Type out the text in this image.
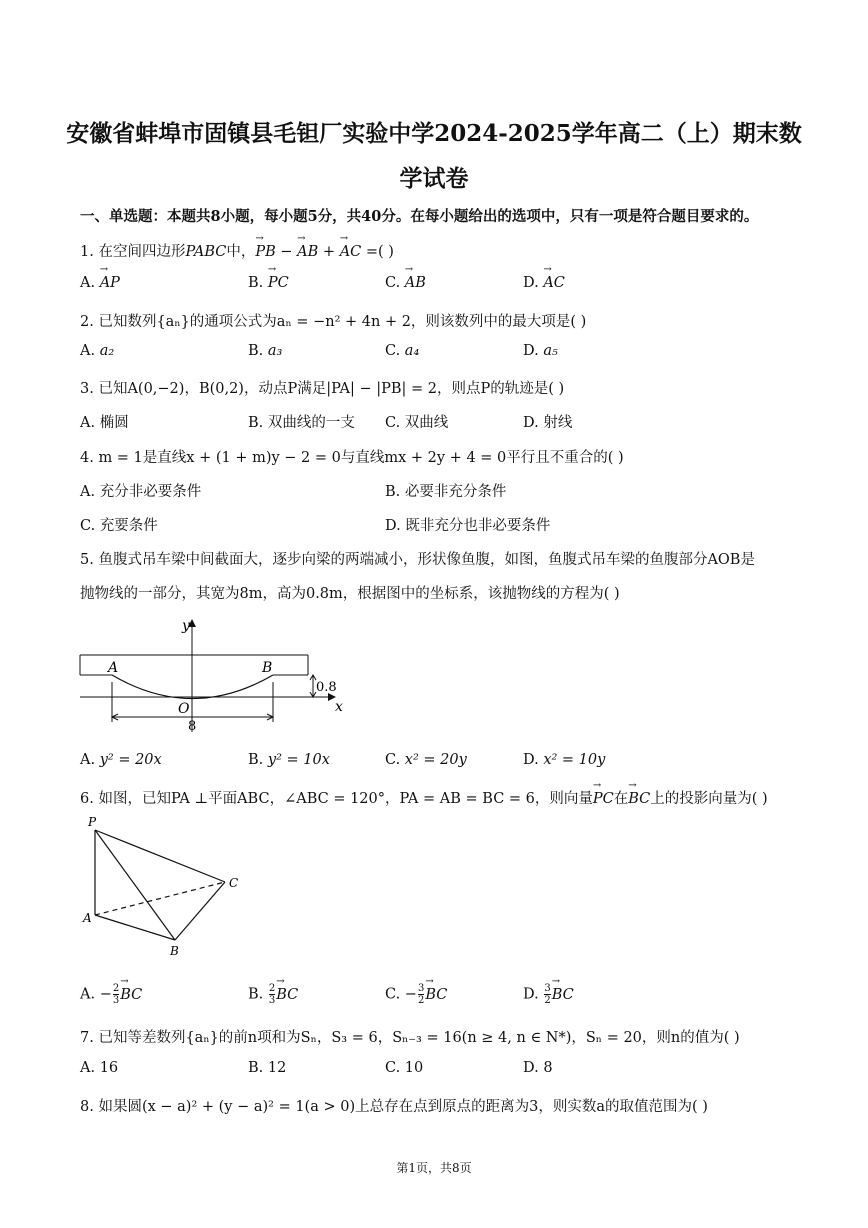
安徽省蚌埠市固镇县毛钽厂实验中学2024-2025学年高二（上）期末数
学试卷
一、单选题：本题共8小题，每小题5分，共40分。在每小题给出的选项中，只有一项是符合题目要求的。
1. 在空间四边形PABC中，→ PB − → AB + → AC =( )
A. → AP	B. → PC	C. → AB	D. → AC
2. 已知数列{aₙ}的通项公式为aₙ = −n² + 4n + 2，则该数列中的最大项是( )
A. a₂	B. a₃	C. a₄	D. a₅
3. 已知A(0,−2)，B(0,2)，动点P满足|PA| − |PB| = 2，则点P的轨迹是( )
A. 椭圆	B. 双曲线的一支 C. 双曲线	D. 射线
4. m = 1是直线x + (1 + m)y − 2 = 0与直线mx + 2y + 4 = 0平行且不重合的( )
A. 充分非必要条件	B. 必要非充分条件
C. 充要条件	D. 既非充分也非必要条件
5. 鱼腹式吊车梁中间截面大，逐步向梁的两端减小，形状像鱼腹，如图，鱼腹式吊车梁的鱼腹部分AOB是
抛物线的一部分，其宽为8m，高为0.8m，根据图中的坐标系，该抛物线的方程为( )
y
x
A	B
O
0.8
8
A. y² = 20x	B. y² = 10x	C. x² = 20y	D. x² = 10y
6. 如图，已知PA ⊥平面ABC，∠ABC = 120°，PA = AB = BC = 6，则向量→ PC在→ BC上的投影向量为( )
P
A
B
C
A. − $\frac{2}{3}$ → BC	B. $\frac{2}{3}$ → BC	C. − $\frac{3}{2}$ → BC	D. $\frac{3}{2}$ → BC
7. 已知等差数列{aₙ}的前n项和为Sₙ，S₃ = 6，Sₙ₋₃ = 16(n ≥ 4, n ∈ N*)，Sₙ = 20，则n的值为( )
A. 16	B. 12	C. 10	D. 8
8. 如果圆(x − a)² + (y − a)² = 1(a > 0)上总存在点到原点的距离为3，则实数a的取值范围为( )
第1页，共8页
